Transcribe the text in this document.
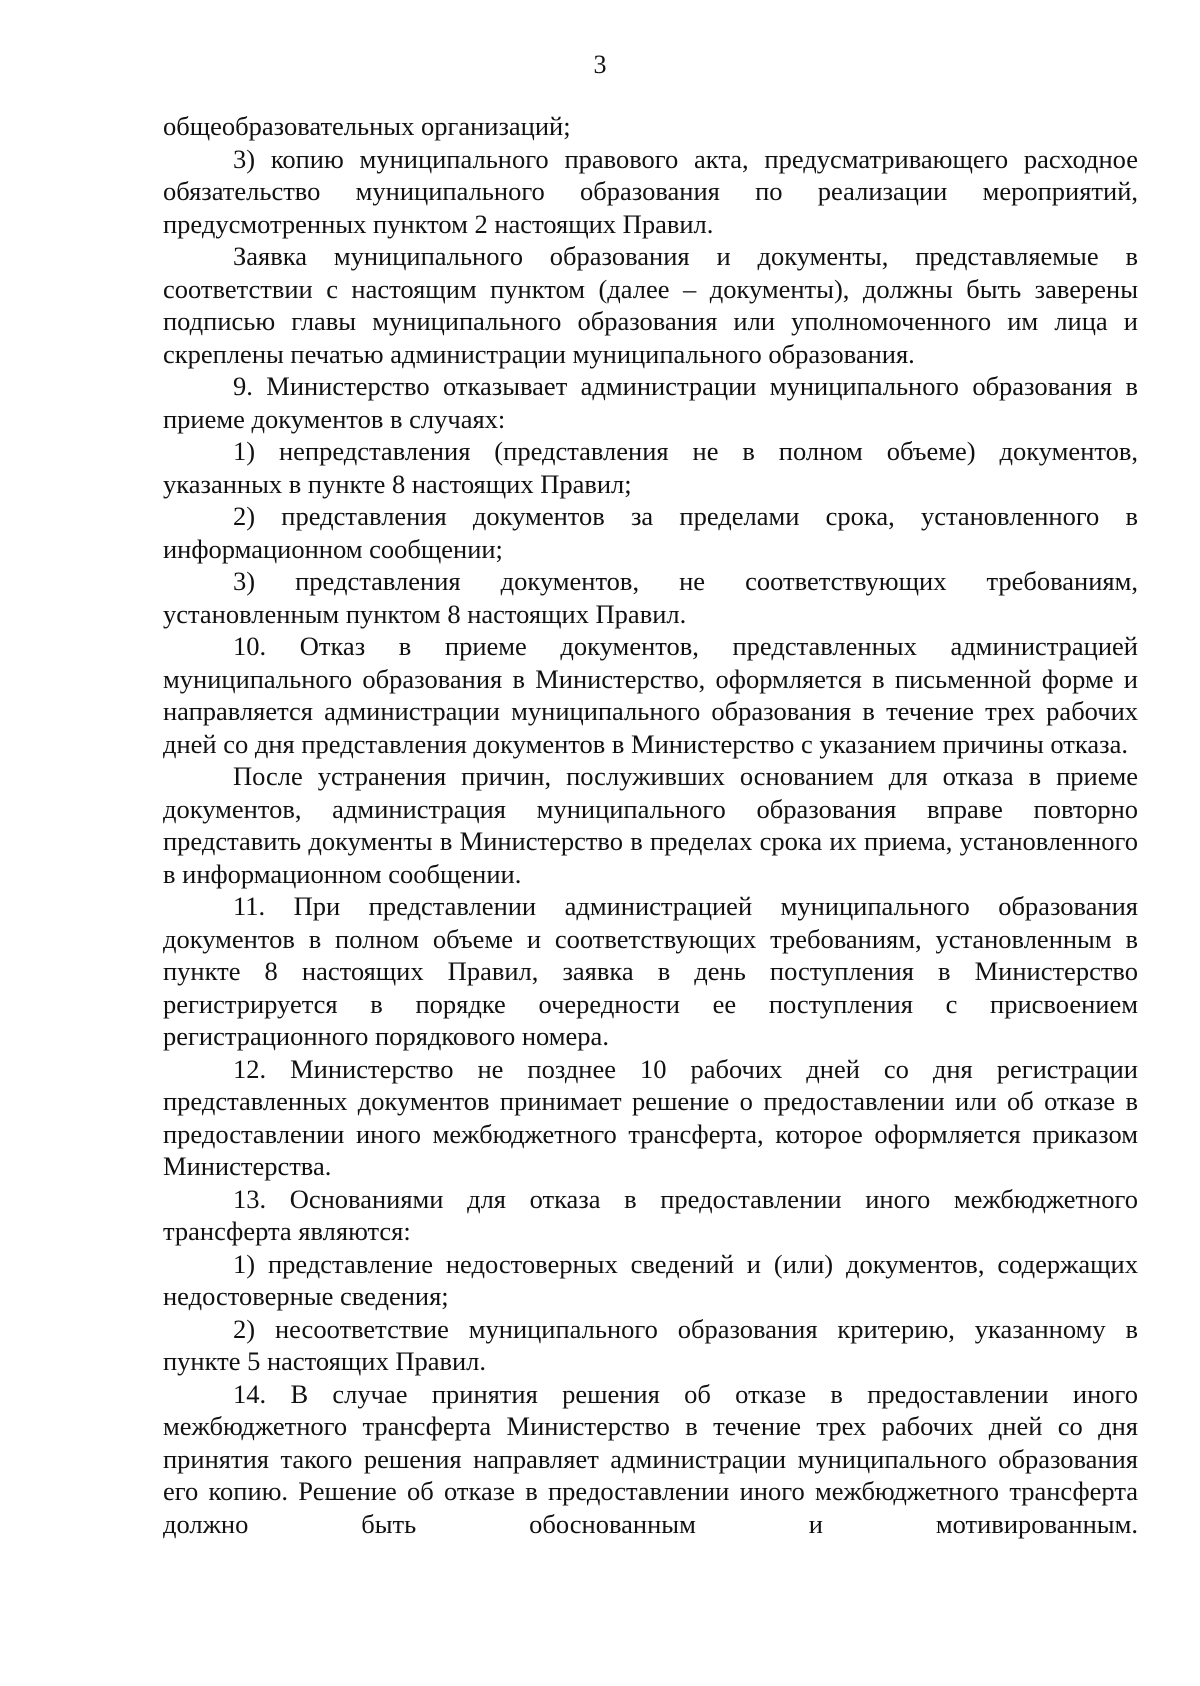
3

общеобразовательных организаций;

3) копию муниципального правового акта, предусматривающего расходное обязательство муниципального образования по реализации мероприятий, предусмотренных пунктом 2 настоящих Правил.

Заявка муниципального образования и документы, представляемые в соответствии с настоящим пунктом (далее – документы), должны быть заверены подписью главы муниципального образования или уполномоченного им лица и скреплены печатью администрации муниципального образования.

9. Министерство отказывает администрации муниципального образования в приеме документов в случаях:

1) непредставления (представления не в полном объеме) документов, указанных в пункте 8 настоящих Правил;

2) представления документов за пределами срока, установленного в информационном сообщении;

3) представления документов, не соответствующих требованиям, установленным пунктом 8 настоящих Правил.

10. Отказ в приеме документов, представленных администрацией муниципального образования в Министерство, оформляется в письменной форме и направляется администрации муниципального образования в течение трех рабочих дней со дня представления документов в Министерство с указанием причины отказа.

После устранения причин, послуживших основанием для отказа в приеме документов, администрация муниципального образования вправе повторно представить документы в Министерство в пределах срока их приема, установленного в информационном сообщении.

11. При представлении администрацией муниципального образования документов в полном объеме и соответствующих требованиям, установленным в пункте 8 настоящих Правил, заявка в день поступления в Министерство регистрируется в порядке очередности ее поступления с присвоением регистрационного порядкового номера.

12. Министерство не позднее 10 рабочих дней со дня регистрации представленных документов принимает решение о предоставлении или об отказе в предоставлении иного межбюджетного трансферта, которое оформляется приказом Министерства.

13. Основаниями для отказа в предоставлении иного межбюджетного трансферта являются:

1) представление недостоверных сведений и (или) документов, содержащих недостоверные сведения;

2) несоответствие муниципального образования критерию, указанному в пункте 5 настоящих Правил.

14. В случае принятия решения об отказе в предоставлении иного межбюджетного трансферта Министерство в течение трех рабочих дней со дня принятия такого решения направляет администрации муниципального образования его копию. Решение об отказе в предоставлении иного межбюджетного трансферта должно быть обоснованным и мотивированным.
